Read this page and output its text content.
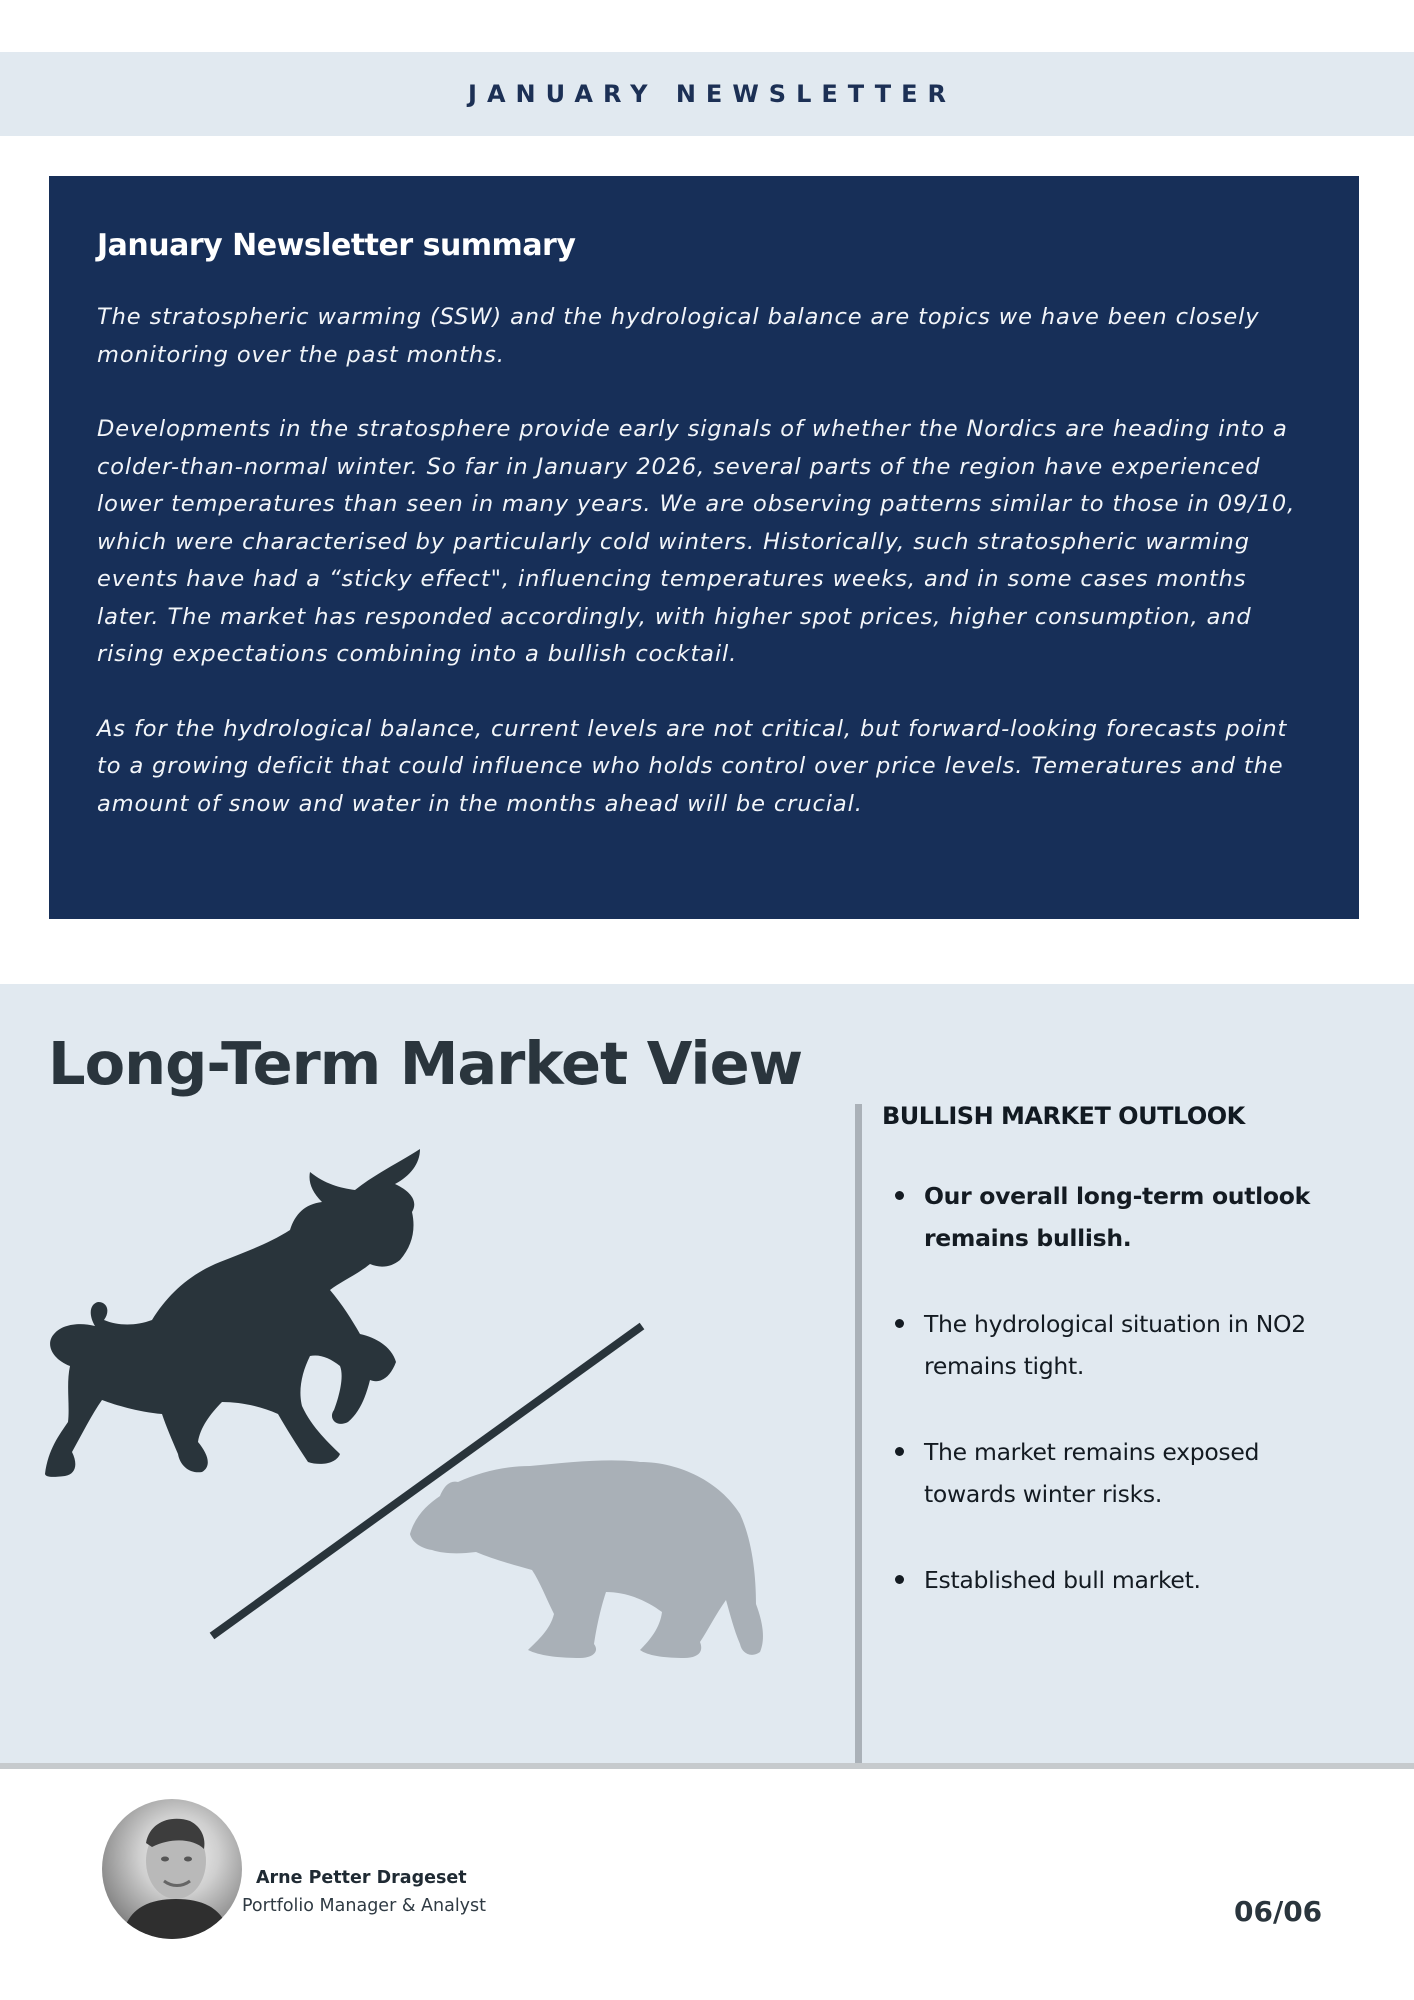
JANUARY NEWSLETTER
January Newsletter summary

The stratospheric warming (SSW) and the hydrological balance are topics we have been closely monitoring over the past months.

Developments in the stratosphere provide early signals of whether the Nordics are heading into a colder-than-normal winter. So far in January 2026, several parts of the region have experienced lower temperatures than seen in many years. We are observing patterns similar to those in 09/10, which were characterised by particularly cold winters. Historically, such stratospheric warming events have had a “sticky effect", influencing temperatures weeks, and in some cases months later. The market has responded accordingly, with higher spot prices, higher consumption, and rising expectations combining into a bullish cocktail.

As for the hydrological balance, current levels are not critical, but forward-looking forecasts point to a growing deficit that could influence who holds control over price levels. Temeratures and the amount of snow and water in the months ahead will be crucial.

Long-Term Market View
BULLISH MARKET OUTLOOK
Our overall long-term outlook remains bullish.
The hydrological situation in NO2 remains tight.
The market remains exposed towards winter risks.
Established bull market.
Arne Petter Drageset
Portfolio Manager & Analyst	06/06
